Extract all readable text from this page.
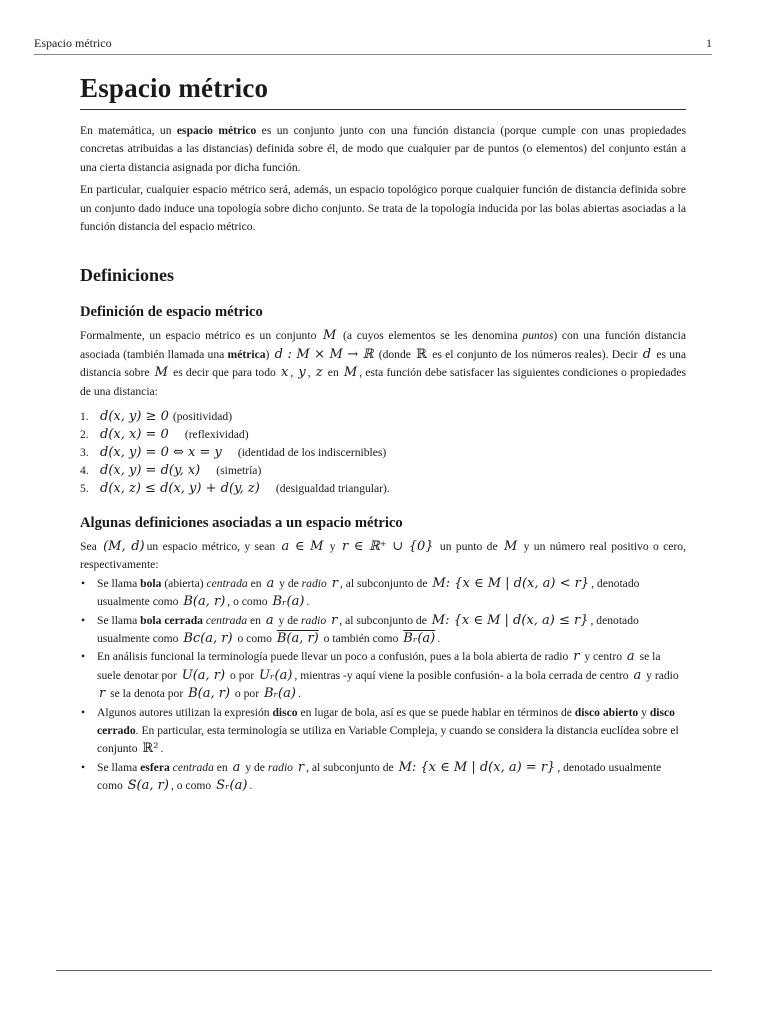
Espacio métrico	1
Espacio métrico

En matemática, un espacio métrico es un conjunto junto con una función distancia (porque cumple con unas propiedades concretas atribuidas a las distancias) definida sobre él, de modo que cualquier par de puntos (o elementos) del conjunto están a una cierta distancia asignada por dicha función.

En particular, cualquier espacio métrico será, además, un espacio topológico porque cualquier función de distancia definida sobre un conjunto dado induce una topología sobre dicho conjunto. Se trata de la topología inducida por las bolas abiertas asociadas a la función distancia del espacio métrico.

Definiciones
Definición de espacio métrico

Formalmente, un espacio métrico es un conjunto M (a cuyos elementos se les denomina puntos) con una función distancia asociada (también llamada una métrica) d : M × M → ℝ (donde ℝ es el conjunto de los números reales). Decir d es una distancia sobre M es decir que para todo x , y , z en M , esta función debe satisfacer las siguientes condiciones o propiedades de una distancia:

1. d(x, y) ≥ 0 (positividad)
2. d(x, x) = 0 (reflexividad)
3. d(x, y) = 0 ⇔ x = y (identidad de los indiscernibles)
4. d(x, y) = d(y, x) (simetría)
5. d(x, z) ≤ d(x, y) + d(y, z) (desigualdad triangular).
Algunas definiciones asociadas a un espacio métrico

Sea (M, d) un espacio métrico, y sean a ∈ M y r ∈ ℝ⁺ ∪ {0} un punto de M y un número real positivo o cero, respectivamente:

• Se llama bola (abierta) centrada en a y de radio r , al subconjunto de M: {x ∈ M | d(x, a) < r} , denotado usualmente como B(a, r) , o como Bᵣ(a) .
• Se llama bola cerrada centrada en a y de radio r , al subconjunto de M: {x ∈ M | d(x, a) ≤ r} , denotado usualmente como Bc(a, r) o como B(a, r) o también como Bᵣ(a) .
• En análisis funcional la terminología puede llevar un poco a confusión, pues a la bola abierta de radio r y centro a se la suele denotar por U(a, r) o por Uᵣ(a) , mientras -y aquí viene la posible confusión- a la bola cerrada de centro a y radio r se la denota por B(a, r) o por Bᵣ(a) .
• Algunos autores utilizan la expresión disco en lugar de bola, así es que se puede hablar en términos de disco abierto y disco cerrado. En particular, esta terminología se utiliza en Variable Compleja, y cuando se considera la distancia euclídea sobre el conjunto ℝ² .
• Se llama esfera centrada en a y de radio r , al subconjunto de M: {x ∈ M | d(x, a) = r} , denotado usualmente como S(a, r) , o como Sᵣ(a) .
